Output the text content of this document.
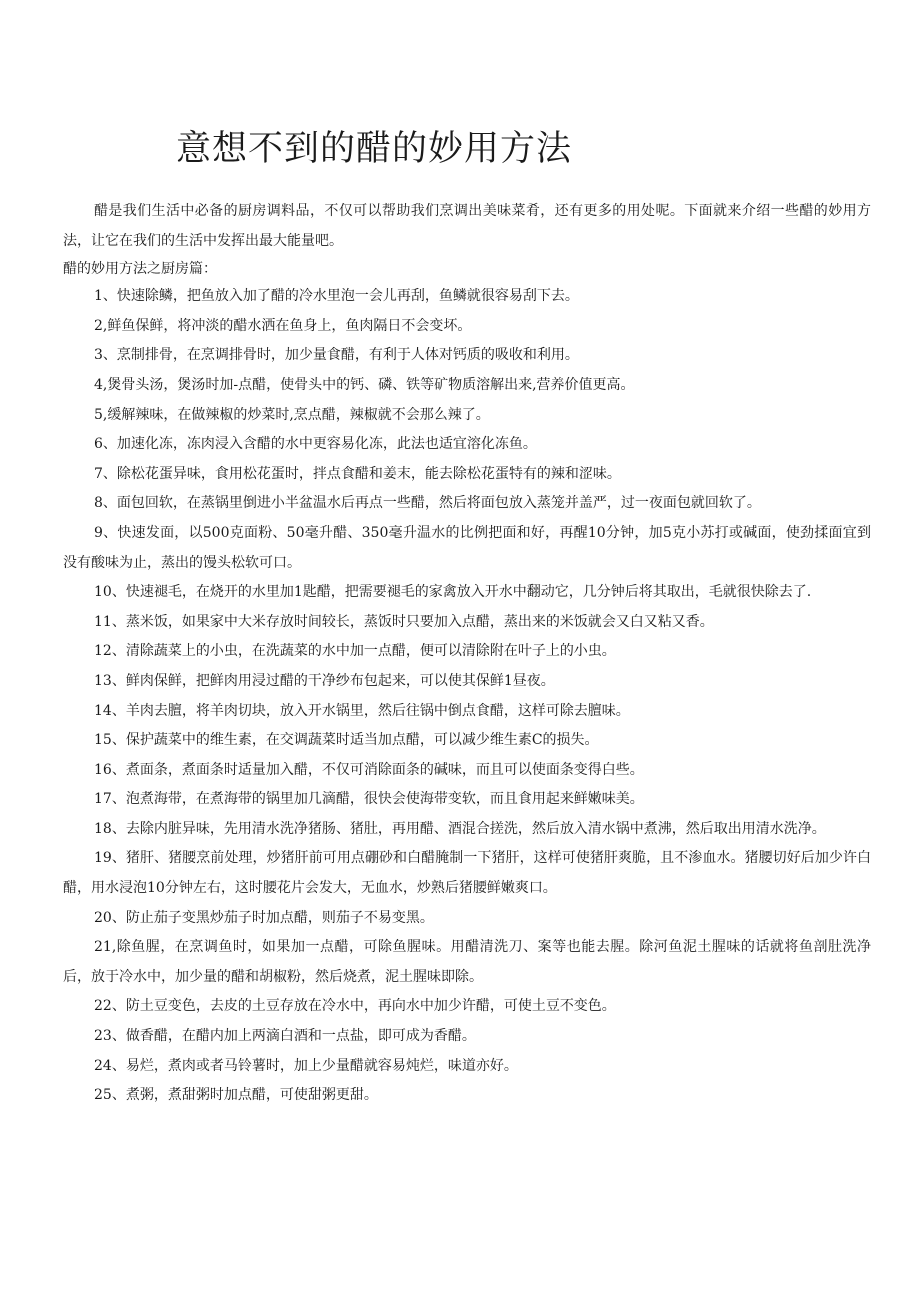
意想不到的醋的妙用方法

醋是我们生活中必备的厨房调料品，不仅可以帮助我们烹调出美味菜肴，还有更多的用处呢。下面就来介绍一些醋的妙用方法，让它在我们的生活中发挥出最大能量吧。

醋的妙用方法之厨房篇：
1、快速除鳞，把鱼放入加了醋的冷水里泡一会儿再刮，鱼鳞就很容易刮下去。
2,鲜鱼保鲜，将冲淡的醋水洒在鱼身上，鱼肉隔日不会变坏。
3、烹制排骨，在烹调排骨时，加少量食醋，有利于人体对钙质的吸收和利用。
4,煲骨头汤，煲汤时加-点醋，使骨头中的钙、磷、铁等矿物质溶解出来,营养价值更高。
5,缓解辣味，在做辣椒的炒菜时,烹点醋，辣椒就不会那么辣了。
6、加速化冻，冻肉浸入含醋的水中更容易化冻，此法也适宜溶化冻鱼。
7、除松花蛋异味，食用松花蛋时，拌点食醋和姜末，能去除松花蛋特有的辣和涩味。
8、面包回软，在蒸锅里倒进小半盆温水后再点一些醋，然后将面包放入蒸笼并盖严，过一夜面包就回软了。
9、快速发面，以500克面粉、50毫升醋、350毫升温水的比例把面和好，再醒10分钟，加5克小苏打或碱面，使劲揉面宜到没有酸味为止，蒸出的馒头松软可口。
10、快速褪毛，在烧开的水里加1匙醋，把需要褪毛的家禽放入开水中翻动它，几分钟后将其取出，毛就很快除去了.
11、蒸米饭，如果家中大米存放时间较长，蒸饭时只要加入点醋，蒸出来的米饭就会又白又粘又香。
12、清除蔬菜上的小虫，在洗蔬菜的水中加一点醋，便可以清除附在叶子上的小虫。
13、鲜肉保鲜，把鲜肉用浸过醋的干净纱布包起来，可以使其保鲜1昼夜。
14、羊肉去膻，将羊肉切块，放入开水锅里，然后往锅中倒点食醋，这样可除去膻味。
15、保护蔬菜中的维生素，在交调蔬菜时适当加点醋，可以减少维生素C的损失。
16、煮面条，煮面条时适量加入醋，不仅可消除面条的碱味，而且可以使面条变得白些。
17、泡煮海带，在煮海带的锅里加几滴醋，很快会使海带变软，而且食用起来鲜嫩味美。
18、去除内脏异味，先用清水洗净猪肠、猪肚，再用醋、酒混合搓洗，然后放入清水锅中煮沸，然后取出用清水洗净。
19、猪肝、猪腰烹前处理，炒猪肝前可用点硼砂和白醋腌制一下猪肝，这样可使猪肝爽脆，且不渗血水。猪腰切好后加少许白醋，用水浸泡10分钟左右，这时腰花片会发大，无血水，炒熟后猪腰鲜嫩爽口。
20、防止茄子变黑炒茄子时加点醋，则茄子不易变黑。
21,除鱼腥，在烹调鱼时，如果加一点醋，可除鱼腥味。用醋清洗刀、案等也能去腥。除河鱼泥土腥味的话就将鱼剖肚洗净后，放于冷水中，加少量的醋和胡椒粉，然后烧煮，泥土腥味即除。
22、防土豆变色，去皮的土豆存放在冷水中，再向水中加少许醋，可使土豆不变色。
23、做香醋，在醋内加上两滴白酒和一点盐，即可成为香醋。
24、易烂，煮肉或者马铃薯时，加上少量醋就容易炖烂，味道亦好。
25、煮粥，煮甜粥时加点醋，可使甜粥更甜。
